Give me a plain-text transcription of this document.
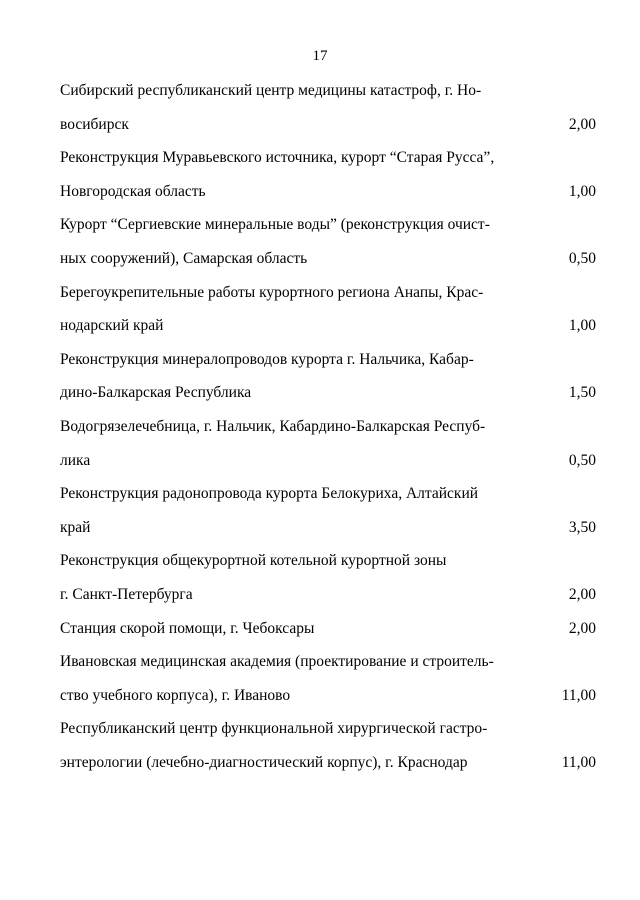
17
Сибирский республиканский центр медицины катастроф, г. Но-
восибирск	2,00
Реконструкция Муравьевского источника, курорт “Старая Русса”,
Новгородская область	1,00
Курорт “Сергиевские минеральные воды” (реконструкция очист-
ных сооружений), Самарская область	0,50
Берегоукрепительные работы курортного региона Анапы, Крас-
нодарский край	1,00
Реконструкция минералопроводов курорта г. Нальчика, Кабар-
дино-Балкарская Республика	1,50
Водогрязелечебница, г. Нальчик, Кабардино-Балкарская Респуб-
лика	0,50
Реконструкция радонопровода курорта Белокуриха, Алтайский
край	3,50
Реконструкция общекурортной котельной курортной зоны
г. Санкт-Петербурга	2,00
Станция скорой помощи, г. Чебоксары	2,00
Ивановская медицинская академия (проектирование и строитель-
ство учебного корпуса), г. Иваново	11,00
Республиканский центр функциональной хирургической гастро-
энтерологии (лечебно-диагностический корпус), г. Краснодар	11,00
